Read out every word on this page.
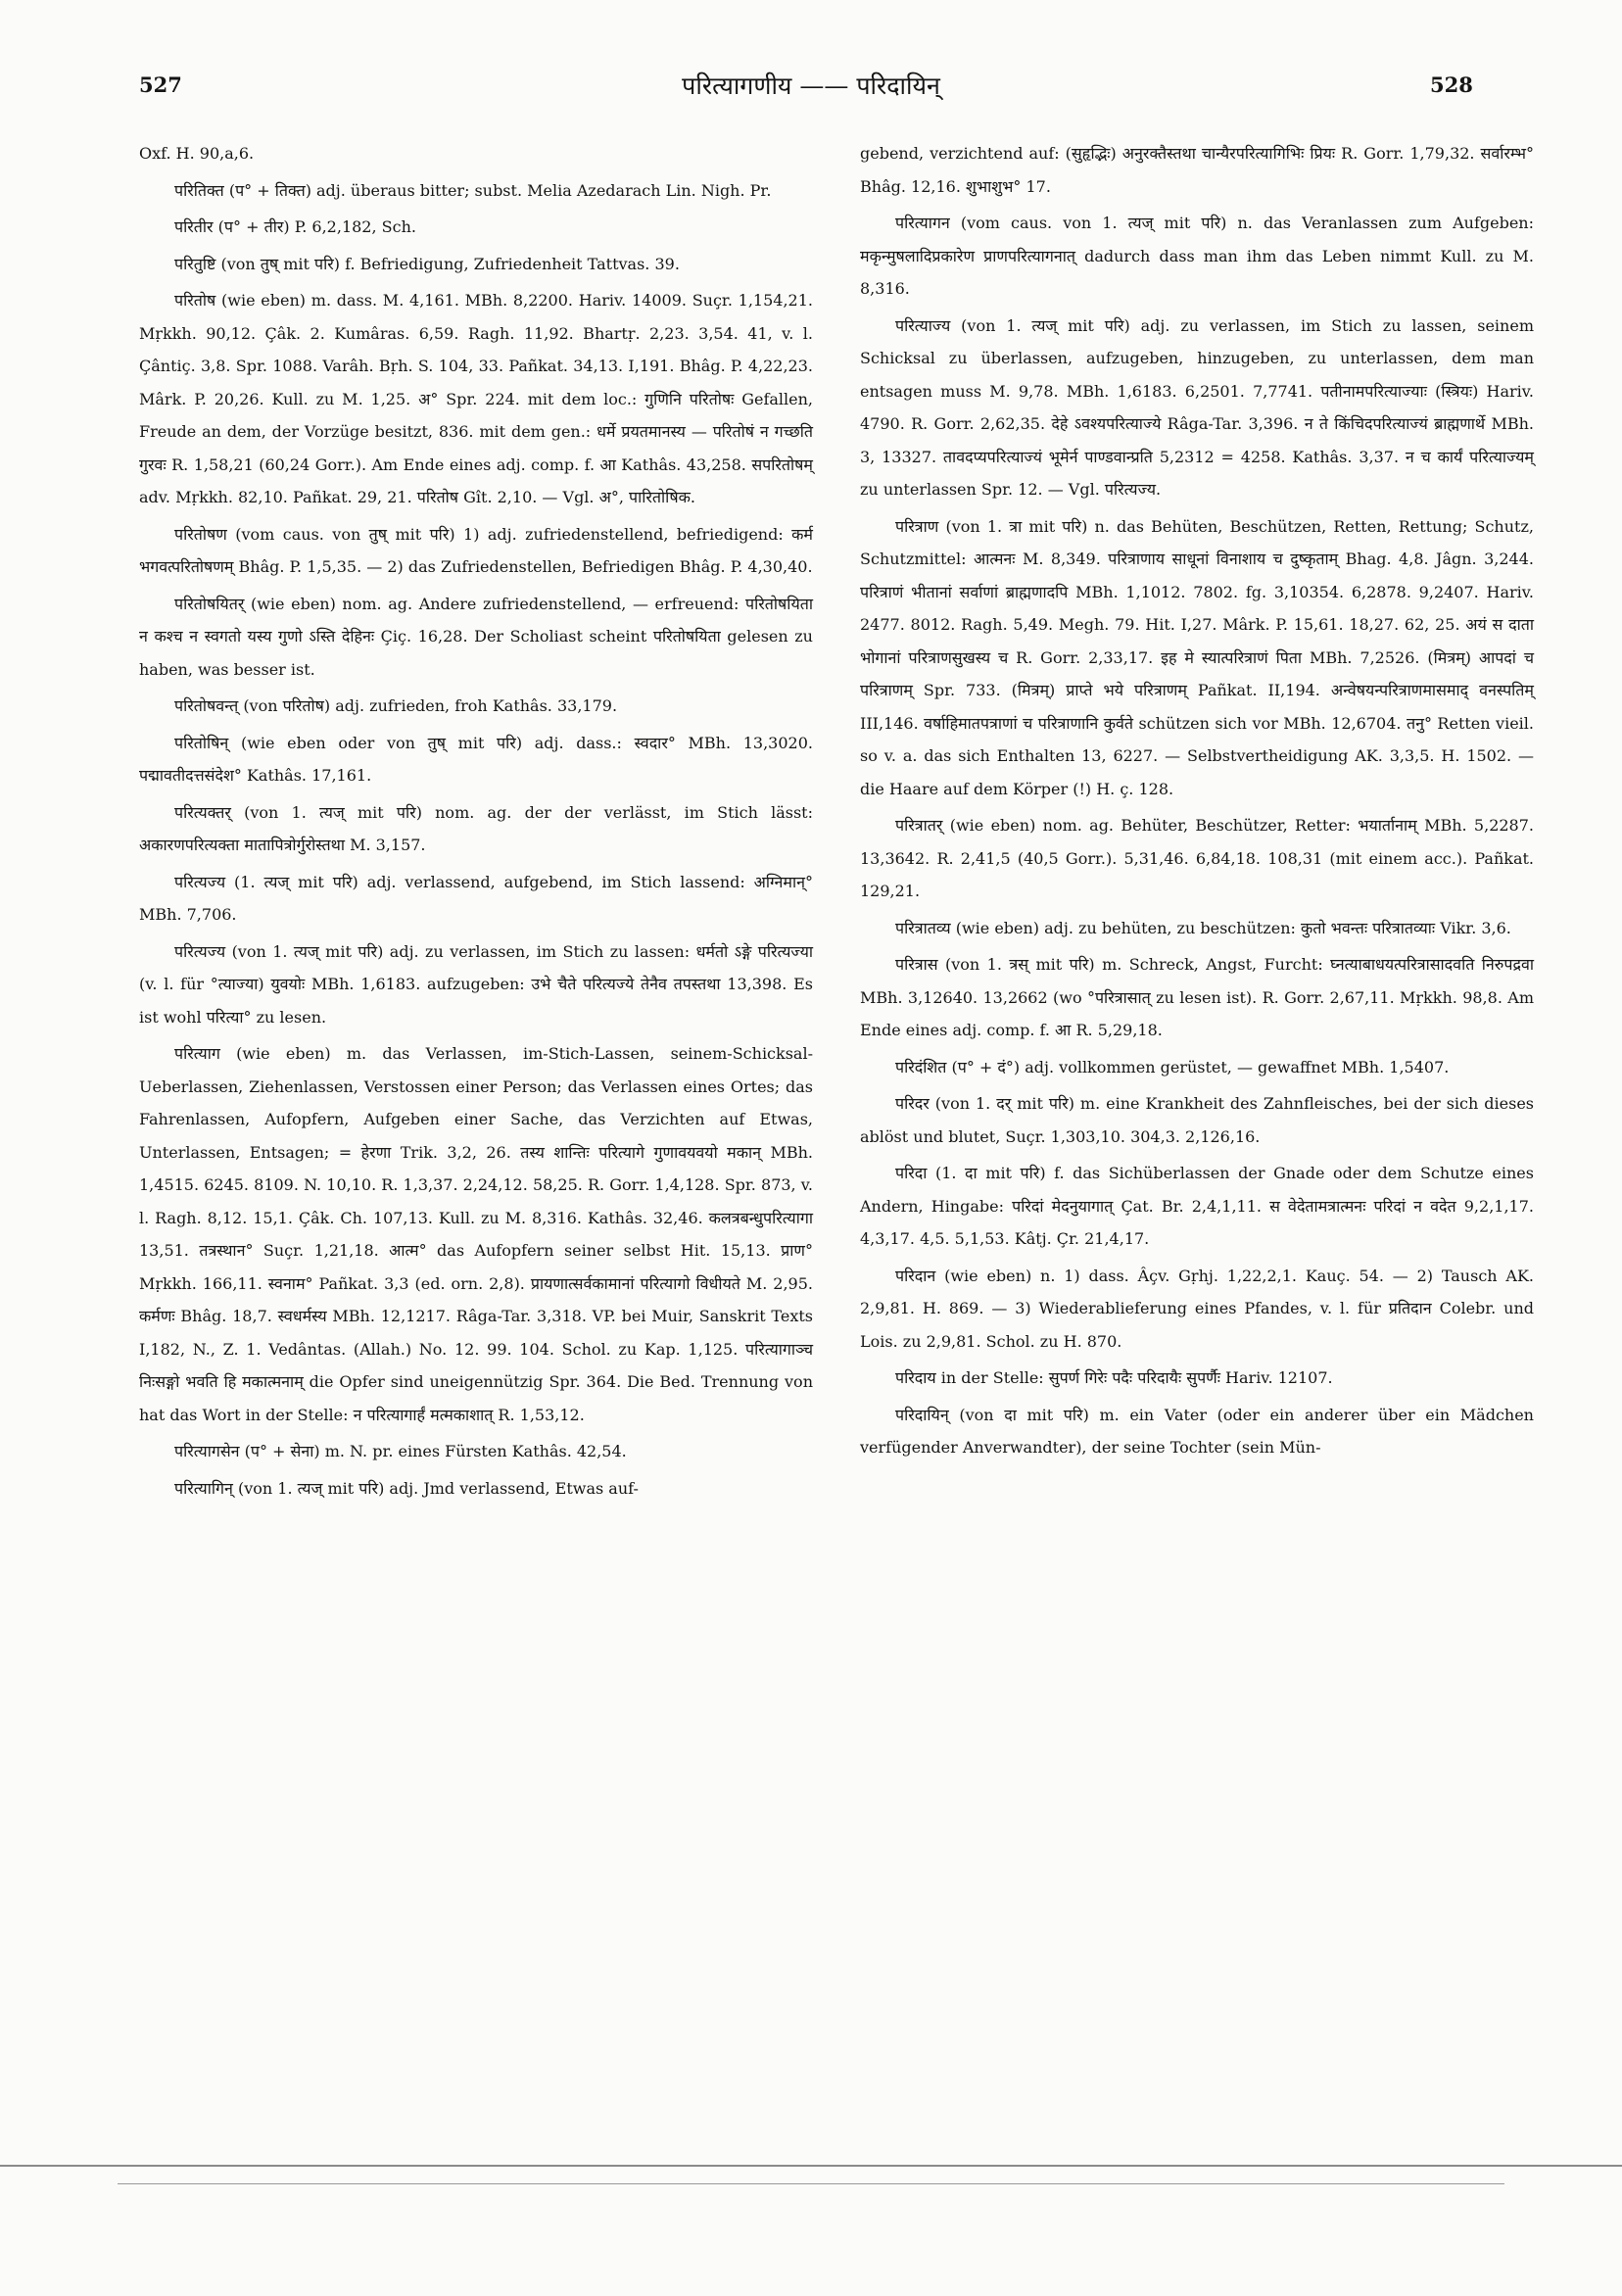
527	परित्यागणीय —— परिदायिन्	528

Oxf. H. 90,a,6.

परितिक्त (प° + तिक्त) adj. überaus bitter; subst. Melia Azedarach Lin. Nigh. Pr.

परितीर (प° + तीर) P. 6,2,182, Sch.

परितुष्टि (von तुष् mit परि) f. Befriedigung, Zufriedenheit Tattvas. 39.

परितोष (wie eben) m. dass. M. 4,161. MBh. 8,2200. Hariv. 14009. Suçr. 1,154,21. Mṛkkh. 90,12. Çâk. 2. Kumâras. 6,59. Ragh. 11,92. Bhartṛ. 2,23. 3,54. 41, v. l. Çântiç. 3,8. Spr. 1088. Varâh. Bṛh. S. 104, 33. Pañkat. 34,13. I,191. Bhâg. P. 4,22,23. Mârk. P. 20,26. Kull. zu M. 1,25. अ° Spr. 224. mit dem loc.: गुणिनि परितोषः Gefallen, Freude an dem, der Vorzüge besitzt, 836. mit dem gen.: धर्मे प्रयतमानस्य — परितोषं न गच्छति गुरवः R. 1,58,21 (60,24 Gorr.). Am Ende eines adj. comp. f. आ Kathâs. 43,258. सपरितोषम् adv. Mṛkkh. 82,10. Pañkat. 29, 21. परितोष Gît. 2,10. — Vgl. अ°, पारितोषिक.

परितोषण (vom caus. von तुष् mit परि) 1) adj. zufriedenstellend, befriedigend: कर्म भगवत्परितोषणम् Bhâg. P. 1,5,35. — 2) das Zufriedenstellen, Befriedigen Bhâg. P. 4,30,40.

परितोषयितर् (wie eben) nom. ag. Andere zufriedenstellend, — erfreuend: परितोषयिता न कश्च न स्वगतो यस्य गुणो ऽस्ति देहिनः Çiç. 16,28. Der Scholiast scheint परितोषयिता gelesen zu haben, was besser ist.

परितोषवन्त् (von परितोष) adj. zufrieden, froh Kathâs. 33,179.

परितोषिन् (wie eben oder von तुष् mit परि) adj. dass.: स्वदार° MBh. 13,3020. पद्मावतीदत्तसंदेश° Kathâs. 17,161.

परित्यक्तर् (von 1. त्यज् mit परि) nom. ag. der der verlässt, im Stich lässt: अकारणपरित्यक्ता मातापित्रोर्गुरोस्तथा M. 3,157.

परित्यज्य (1. त्यज् mit परि) adj. verlassend, aufgebend, im Stich lassend: अग्निमान्° MBh. 7,706.

परित्यज्य (von 1. त्यज् mit परि) adj. zu verlassen, im Stich zu lassen: धर्मतो ऽङ्गे परित्यज्या (v. l. für °त्याज्या) युवयोः MBh. 1,6183. aufzugeben: उभे चैते परित्यज्ये तेनैव तपस्तथा 13,398. Es ist wohl परित्या° zu lesen.

परित्याग (wie eben) m. das Verlassen, im-Stich-Lassen, seinem-Schicksal-Ueberlassen, Ziehenlassen, Verstossen einer Person; das Verlassen eines Ortes; das Fahrenlassen, Aufopfern, Aufgeben einer Sache, das Verzichten auf Etwas, Unterlassen, Entsagen; = हेरणा Trik. 3,2, 26. तस्य शान्तिः परित्यागे गुणावयवयो मकान् MBh. 1,4515. 6245. 8109. N. 10,10. R. 1,3,37. 2,24,12. 58,25. R. Gorr. 1,4,128. Spr. 873, v. l. Ragh. 8,12. 15,1. Çâk. Ch. 107,13. Kull. zu M. 8,316. Kathâs. 32,46. कलत्रबन्धुपरित्यागा 13,51. तत्रस्थान° Suçr. 1,21,18. आत्म° das Aufopfern seiner selbst Hit. 15,13. प्राण° Mṛkkh. 166,11. स्वनाम° Pañkat. 3,3 (ed. orn. 2,8). प्रायणात्सर्वकामानां परित्यागो विधीयते M. 2,95. कर्मणः Bhâg. 18,7. स्वधर्मस्य MBh. 12,1217. Râga-Tar. 3,318. VP. bei Muir, Sanskrit Texts I,182, N., Z. 1. Vedântas. (Allah.) No. 12. 99. 104. Schol. zu Kap. 1,125. परित्यागाञ्च निःसङ्गो भवति हि मकात्मनाम् die Opfer sind uneigennützig Spr. 364. Die Bed. Trennung von hat das Wort in der Stelle: न परित्यागार्हं मत्मकाशात् R. 1,53,12.

परित्यागसेन (प° + सेना) m. N. pr. eines Fürsten Kathâs. 42,54.

परित्यागिन् (von 1. त्यज् mit परि) adj. Jmd verlassend, Etwas auf-

gebend, verzichtend auf: (सुहृद्भिः) अनुरक्तैस्तथा चान्यैरपरित्यागिभिः प्रियः R. Gorr. 1,79,32. सर्वारम्भ° Bhâg. 12,16. शुभाशुभ° 17.

परित्यागन (vom caus. von 1. त्यज् mit परि) n. das Veranlassen zum Aufgeben: मकृन्मुषलादिप्रकारेण प्राणपरित्यागनात् dadurch dass man ihm das Leben nimmt Kull. zu M. 8,316.

परित्याज्य (von 1. त्यज् mit परि) adj. zu verlassen, im Stich zu lassen, seinem Schicksal zu überlassen, aufzugeben, hinzugeben, zu unterlassen, dem man entsagen muss M. 9,78. MBh. 1,6183. 6,2501. 7,7741. पतीनामपरित्याज्याः (स्त्रियः) Hariv. 4790. R. Gorr. 2,62,35. देहे ऽवश्यपरित्याज्ये Râga-Tar. 3,396. न ते किंचिदपरित्याज्यं ब्राह्मणार्थे MBh. 3, 13327. तावदप्यपरित्याज्यं भूमेर्न पाण्डवान्प्रति 5,2312 = 4258. Kathâs. 3,37. न च कार्यं परित्याज्यम् zu unterlassen Spr. 12. — Vgl. परित्यज्य.

परित्राण (von 1. त्रा mit परि) n. das Behüten, Beschützen, Retten, Rettung; Schutz, Schutzmittel: आत्मनः M. 8,349. परित्राणाय साधूनां विनाशाय च दुष्कृताम् Bhag. 4,8. Jâgn. 3,244. परित्राणं भीतानां सर्वाणां ब्राह्मणादपि MBh. 1,1012. 7802. fg. 3,10354. 6,2878. 9,2407. Hariv. 2477. 8012. Ragh. 5,49. Megh. 79. Hit. I,27. Mârk. P. 15,61. 18,27. 62, 25. अयं स दाता भोगानां परित्राणसुखस्य च R. Gorr. 2,33,17. इह मे स्यात्परित्राणं पिता MBh. 7,2526. (मित्रम्) आपदां च परित्राणम् Spr. 733. (मित्रम्) प्राप्ते भये परित्राणम् Pañkat. II,194. अन्वेषयन्परित्राणमासमाद् वनस्पतिम् III,146. वर्षाहिमातपत्राणां च परित्राणानि कुर्वते schützen sich vor MBh. 12,6704. तनु° Retten vieil. so v. a. das sich Enthalten 13, 6227. — Selbstvertheidigung AK. 3,3,5. H. 1502. — die Haare auf dem Körper (!) H. ç. 128.

परित्रातर् (wie eben) nom. ag. Behüter, Beschützer, Retter: भयार्तानाम् MBh. 5,2287. 13,3642. R. 2,41,5 (40,5 Gorr.). 5,31,46. 6,84,18. 108,31 (mit einem acc.). Pañkat. 129,21.

परित्रातव्य (wie eben) adj. zu behüten, zu beschützen: कुतो भवन्तः परित्रातव्याः Vikr. 3,6.

परित्रास (von 1. त्रस् mit परि) m. Schreck, Angst, Furcht: घ्नत्याबाधयत्परित्रासादवति निरुपद्रवा MBh. 3,12640. 13,2662 (wo °परित्रासात् zu lesen ist). R. Gorr. 2,67,11. Mṛkkh. 98,8. Am Ende eines adj. comp. f. आ R. 5,29,18.

परिदंशित (प° + दं°) adj. vollkommen gerüstet, — gewaffnet MBh. 1,5407.

परिदर (von 1. दर् mit परि) m. eine Krankheit des Zahnfleisches, bei der sich dieses ablöst und blutet, Suçr. 1,303,10. 304,3. 2,126,16.

परिदा (1. दा mit परि) f. das Sichüberlassen der Gnade oder dem Schutze eines Andern, Hingabe: परिदां मेदनुयागात् Çat. Br. 2,4,1,11. स वेदेतामत्रात्मनः परिदां न वदेत 9,2,1,17. 4,3,17. 4,5. 5,1,53. Kâtj. Çr. 21,4,17.

परिदान (wie eben) n. 1) dass. Âçv. Gṛhj. 1,22,2,1. Kauç. 54. — 2) Tausch AK. 2,9,81. H. 869. — 3) Wiederablieferung eines Pfandes, v. l. für प्रतिदान Colebr. und Lois. zu 2,9,81. Schol. zu H. 870.

परिदाय in der Stelle: सुपर्ण गिरेः पदैः परिदायैः सुपर्णैः Hariv. 12107.

परिदायिन् (von दा mit परि) m. ein Vater (oder ein anderer über ein Mädchen verfügender Anverwandter), der seine Tochter (sein Mün-
